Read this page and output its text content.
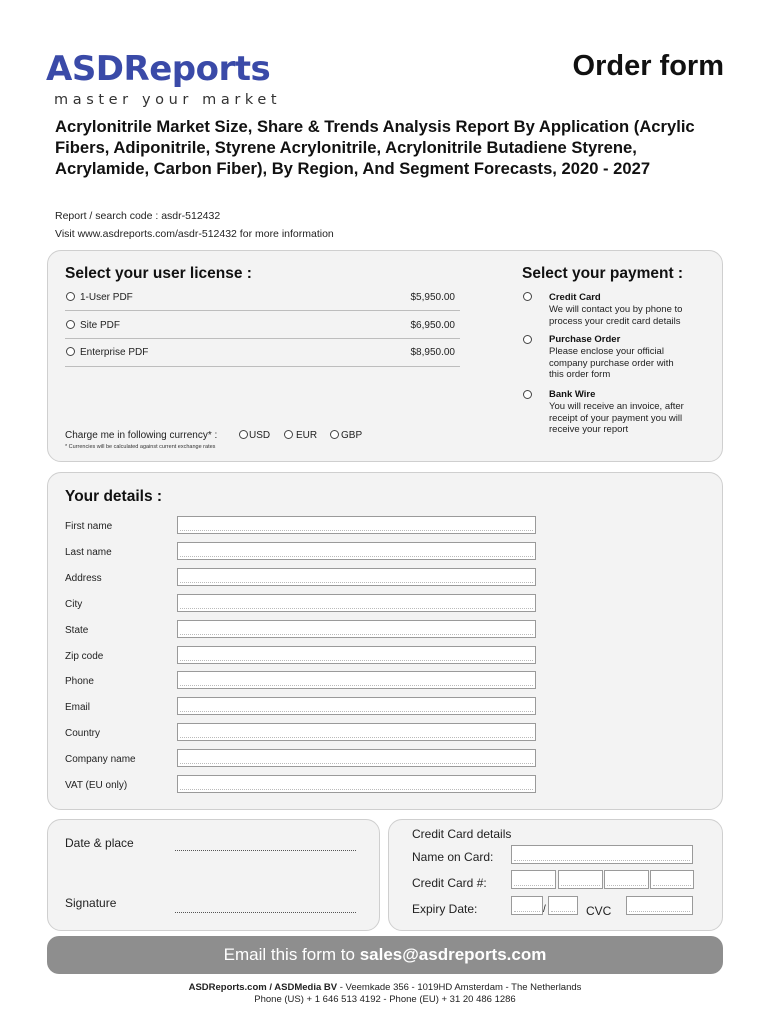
ASDReports
master your market
Order form
Acrylonitrile Market Size, Share & Trends Analysis Report By Application (Acrylic Fibers, Adiponitrile, Styrene Acrylonitrile, Acrylonitrile Butadiene Styrene, Acrylamide, Carbon Fiber), By Region, And Segment Forecasts, 2020 - 2027
Report / search code : asdr-512432
Visit www.asdreports.com/asdr-512432 for more information
Select your user license :
1-User PDF	$5,950.00
Site PDF	$6,950.00
Enterprise PDF	$8,950.00
Charge me in following currency* :	USD	EUR GBP
* Currencies will be calculated against current exchange rates
Select your payment :
Credit Card
We will contact you by phone to process your credit card details
Purchase Order
Please enclose your official company purchase order with this order form
Bank Wire
You will receive an invoice, after receipt of your payment you will receive your report
Your details :
First name
Last name
Address
City
State
Zip code
Phone
Email
Country
Company name
VAT (EU only)
Date & place
Signature
Credit Card details
Name on Card:
Credit Card #:
Expiry Date:	/	CVC
Email this form to sales@asdreports.com
ASDReports.com / ASDMedia BV - Veemkade 356 - 1019HD Amsterdam - The Netherlands
Phone (US) + 1 646 513 4192 - Phone (EU) + 31 20 486 1286
